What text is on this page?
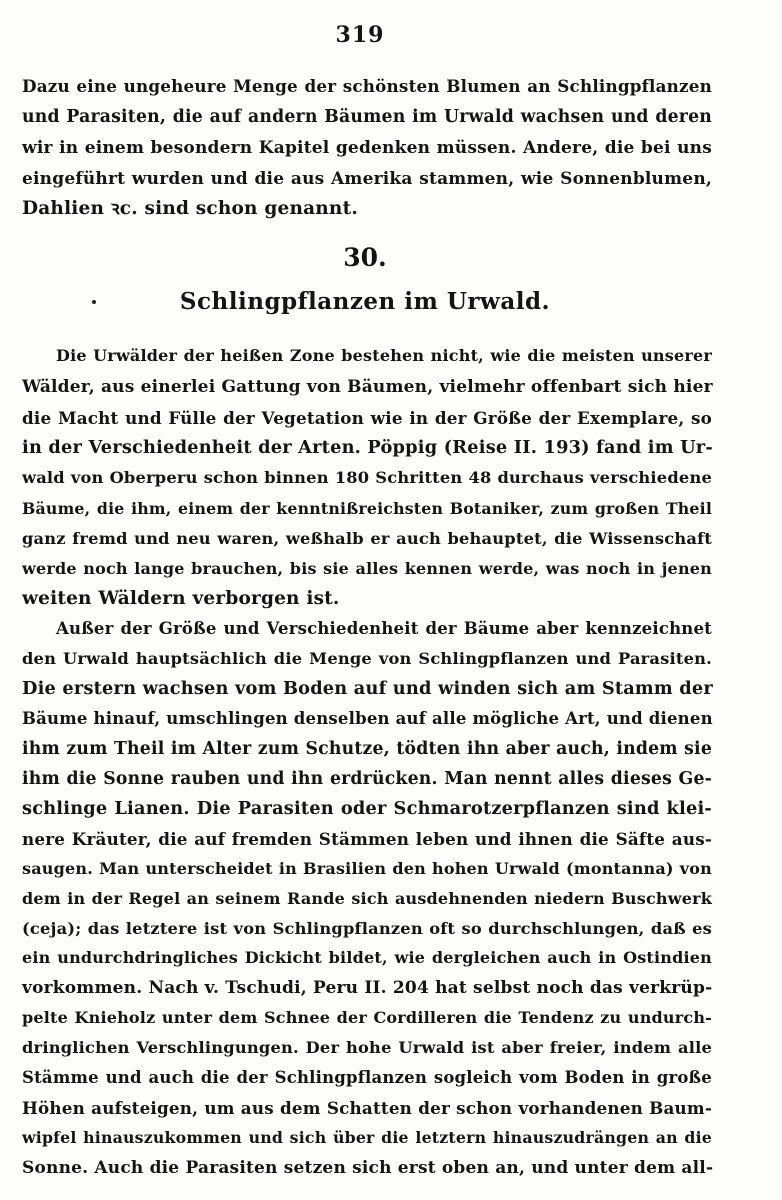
319
Dazu eine ungeheure Menge der schönsten Blumen an Schlingpflanzen
und Parasiten, die auf andern Bäumen im Urwald wachsen und deren
wir in einem besondern Kapitel gedenken müssen. Andere, die bei uns
eingeführt wurden und die aus Amerika stammen, wie Sonnenblumen,
Dahlien ꝛc. sind schon genannt.
30.
Schlingpflanzen im Urwald.
Die Urwälder der heißen Zone bestehen nicht, wie die meisten unserer
Wälder, aus einerlei Gattung von Bäumen, vielmehr offenbart sich hier
die Macht und Fülle der Vegetation wie in der Größe der Exemplare, so
in der Verschiedenheit der Arten. Pöppig (Reise II. 193) fand im Ur-
wald von Oberperu schon binnen 180 Schritten 48 durchaus verschiedene
Bäume, die ihm, einem der kenntnißreichsten Botaniker, zum großen Theil
ganz fremd und neu waren, weßhalb er auch behauptet, die Wissenschaft
werde noch lange brauchen, bis sie alles kennen werde, was noch in jenen
weiten Wäldern verborgen ist.
Außer der Größe und Verschiedenheit der Bäume aber kennzeichnet
den Urwald hauptsächlich die Menge von Schlingpflanzen und Parasiten.
Die erstern wachsen vom Boden auf und winden sich am Stamm der
Bäume hinauf, umschlingen denselben auf alle mögliche Art, und dienen
ihm zum Theil im Alter zum Schutze, tödten ihn aber auch, indem sie
ihm die Sonne rauben und ihn erdrücken. Man nennt alles dieses Ge-
schlinge Lianen. Die Parasiten oder Schmarotzerpflanzen sind klei-
nere Kräuter, die auf fremden Stämmen leben und ihnen die Säfte aus-
saugen. Man unterscheidet in Brasilien den hohen Urwald (montanna) von
dem in der Regel an seinem Rande sich ausdehnenden niedern Buschwerk
(ceja); das letztere ist von Schlingpflanzen oft so durchschlungen, daß es
ein undurchdringliches Dickicht bildet, wie dergleichen auch in Ostindien
vorkommen. Nach v. Tschudi, Peru II. 204 hat selbst noch das verkrüp-
pelte Knieholz unter dem Schnee der Cordilleren die Tendenz zu undurch-
dringlichen Verschlingungen. Der hohe Urwald ist aber freier, indem alle
Stämme und auch die der Schlingpflanzen sogleich vom Boden in große
Höhen aufsteigen, um aus dem Schatten der schon vorhandenen Baum-
wipfel hinauszukommen und sich über die letztern hinauszudrängen an die
Sonne. Auch die Parasiten setzen sich erst oben an, und unter dem all-
